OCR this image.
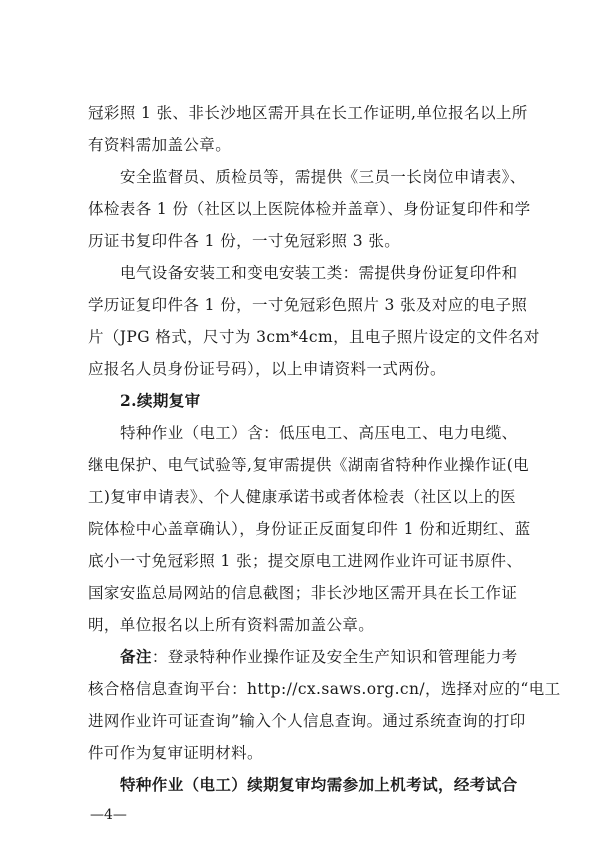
冠彩照 1 张、非长沙地区需开具在长工作证明,单位报名以上所
有资料需加盖公章。
安全监督员、质检员等，需提供《三员一长岗位申请表》、
体检表各 1 份（社区以上医院体检并盖章）、身份证复印件和学
历证书复印件各 1 份，一寸免冠彩照 3 张。
电气设备安装工和变电安装工类：需提供身份证复印件和
学历证复印件各 1 份，一寸免冠彩色照片 3 张及对应的电子照
片（JPG 格式，尺寸为 3cm*4cm，且电子照片设定的文件名对
应报名人员身份证号码），以上申请资料一式两份。
2.续期复审
特种作业（电工）含：低压电工、高压电工、电力电缆、
继电保护、电气试验等,复审需提供《湖南省特种作业操作证(电
工)复审申请表》、个人健康承诺书或者体检表（社区以上的医
院体检中心盖章确认），身份证正反面复印件 1 份和近期红、蓝
底小一寸免冠彩照 1 张；提交原电工进网作业许可证书原件、
国家安监总局网站的信息截图；非长沙地区需开具在长工作证
明，单位报名以上所有资料需加盖公章。
备注：登录特种作业操作证及安全生产知识和管理能力考
核合格信息查询平台：http://cx.saws.org.cn/，选择对应的“电工
进网作业许可证查询”输入个人信息查询。通过系统查询的打印
件可作为复审证明材料。
特种作业（电工）续期复审均需参加上机考试，经考试合
—4—
